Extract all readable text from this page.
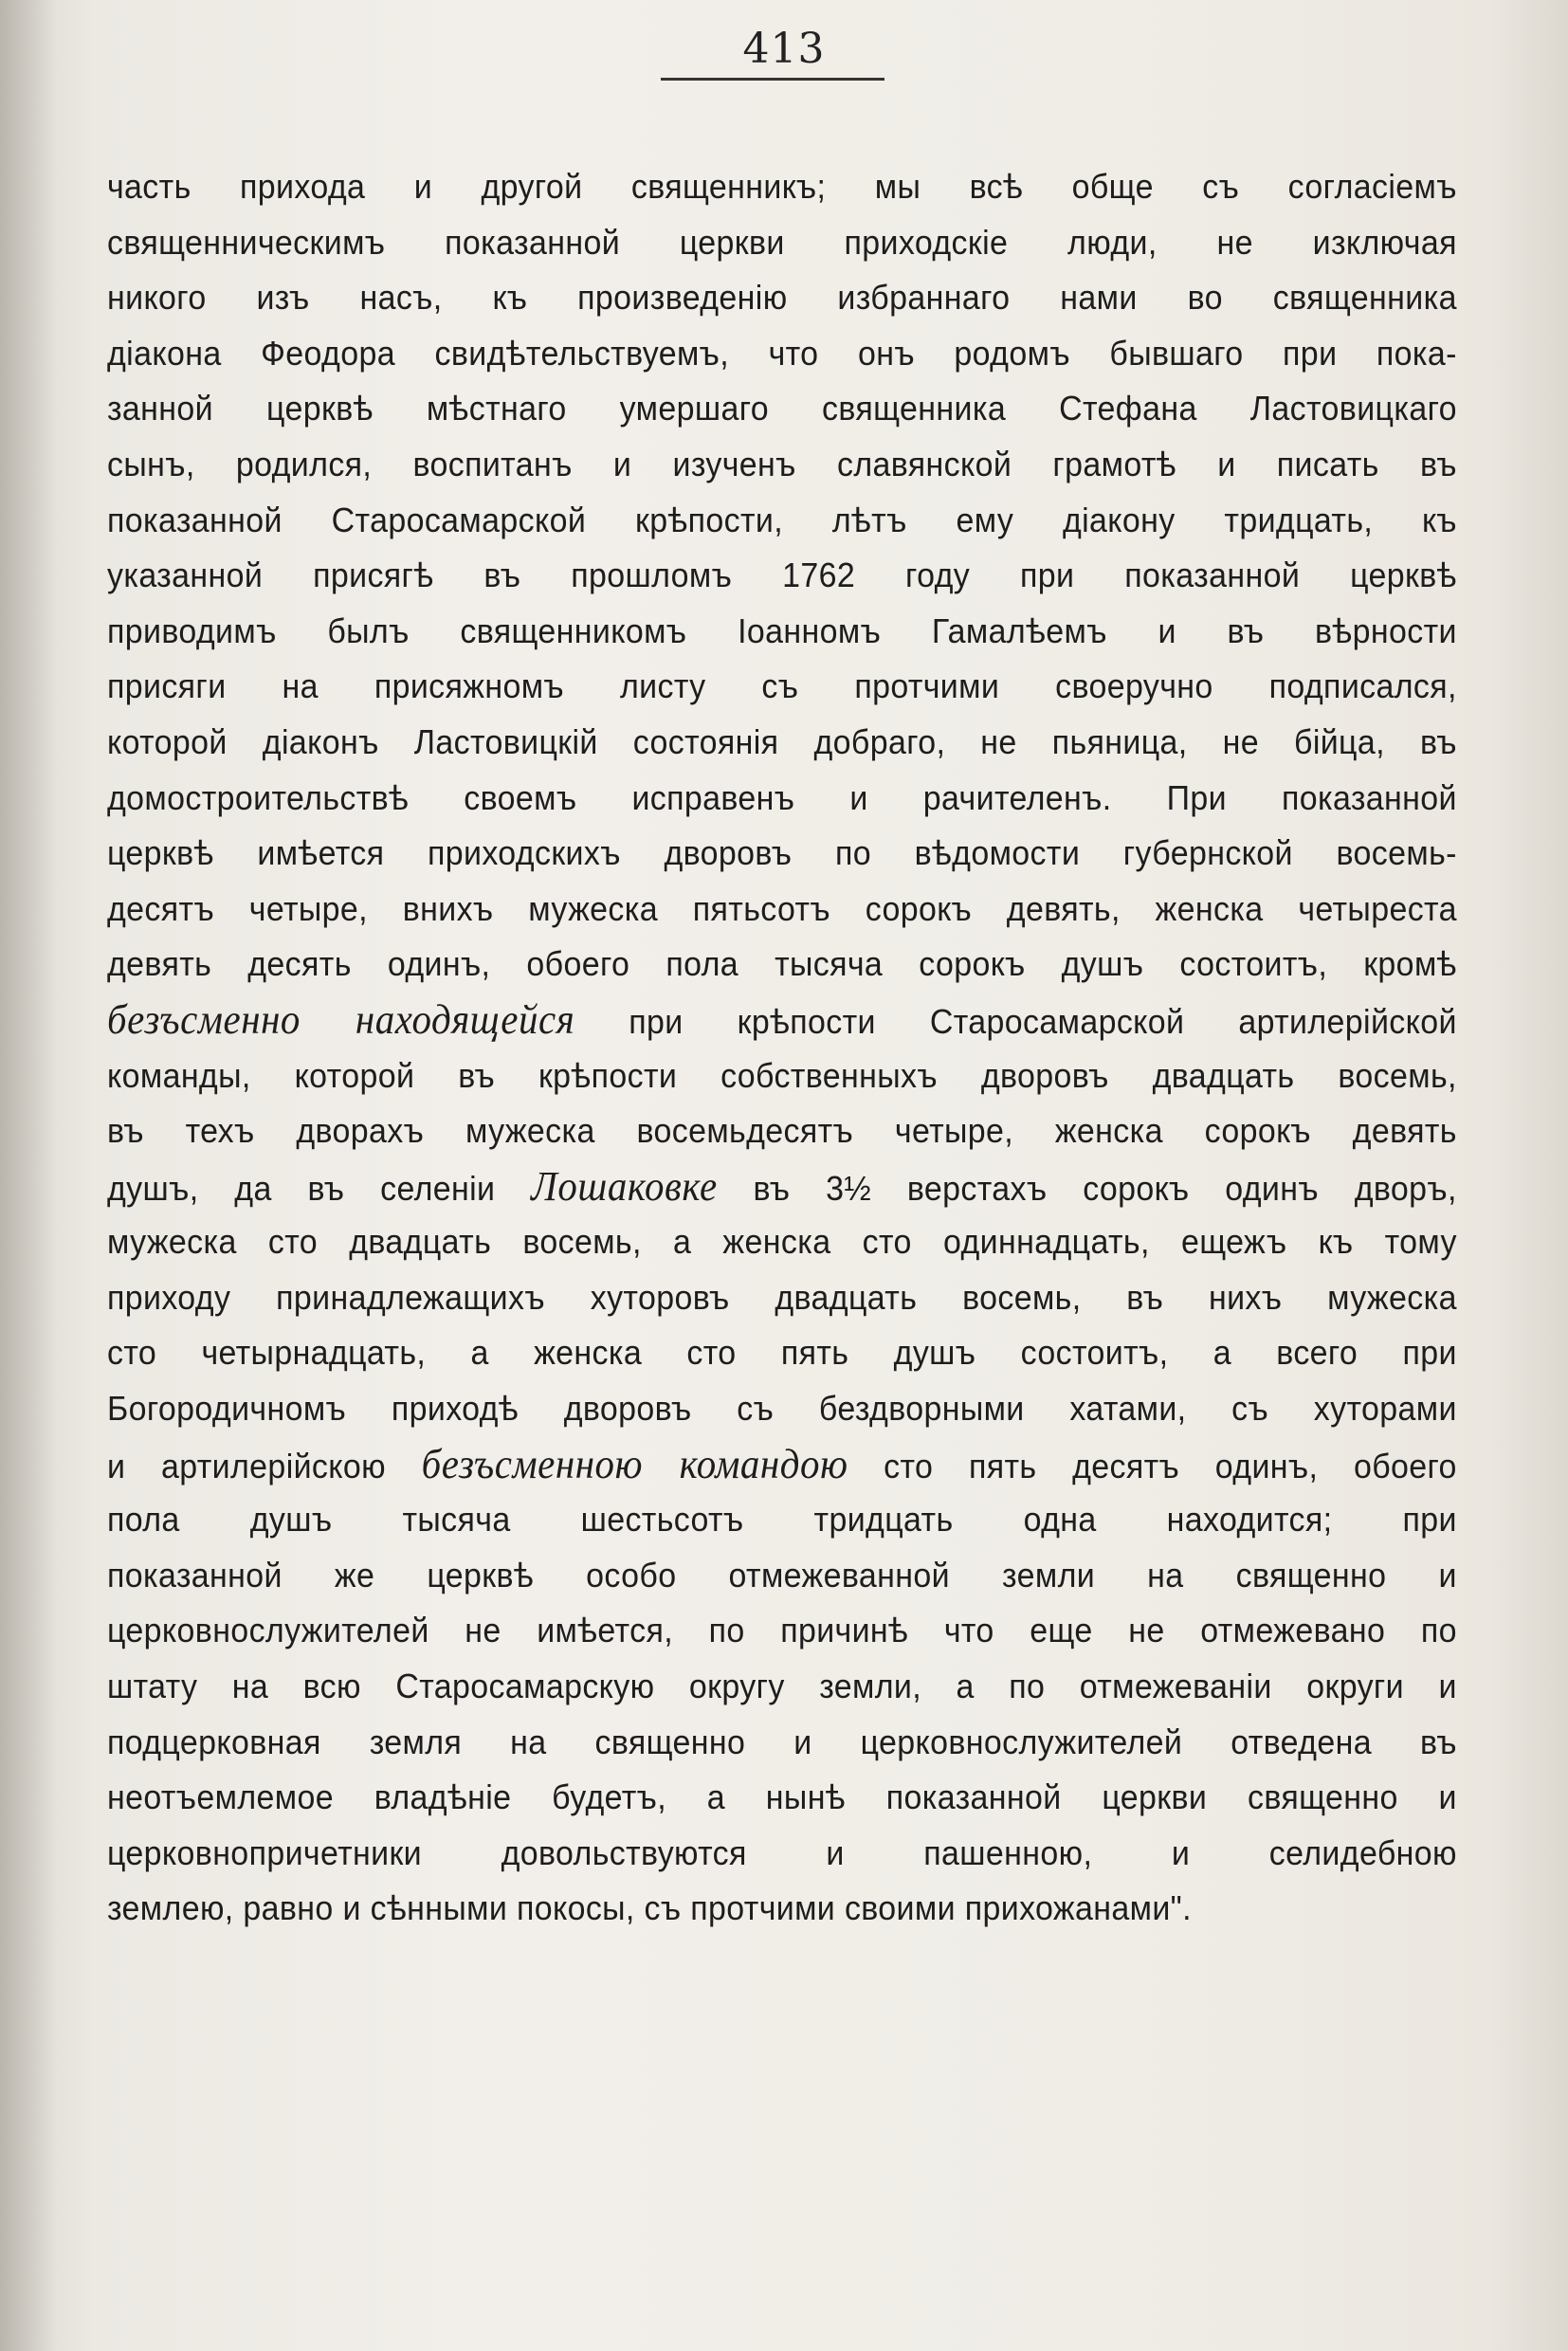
413
часть прихода и другой священникъ; мы всѣ обще съ согласіемъ
священническимъ показанной церкви приходскіе люди, не изключая
никого изъ насъ, къ произведенію избраннаго нами во священника
діакона Феодора свидѣтельствуемъ, что онъ родомъ бывшаго при пока-
занной церквѣ мѣстнаго умершаго священника Стефана Ластовицкаго
сынъ, родился, воспитанъ и изученъ славянской грамотѣ и писать въ
показанной Старосамарской крѣпости, лѣтъ ему діакону тридцать, къ
указанной присягѣ въ прошломъ 1762 году при показанной церквѣ
приводимъ былъ священникомъ Іоанномъ Гамалѣемъ и въ вѣрности
присяги на присяжномъ листу съ протчими своеручно подписался,
которой діаконъ Ластовицкій состоянія добраго, не пьяница, не бійца, въ
домостроительствѣ своемъ исправенъ и рачителенъ. При показанной
церквѣ имѣется приходскихъ дворовъ по вѣдомости губернской восемь-
десятъ четыре, вниxъ мужеска пятьсотъ сорокъ девять, женска четыреста
девять десять одинъ, обоего пола тысяча сорокъ душъ состоитъ, кромѣ
безъсменно находящейся при крѣпости Старосамарской артилерійской
команды, которой въ крѣпости собственныхъ дворовъ двадцать восемь,
въ техъ дворахъ мужеска восемьдесятъ четыре, женска сорокъ девять
душъ, да въ селеніи Лошаковке въ 3½ верстахъ сорокъ одинъ дворъ,
мужеска сто двадцать восемь, а женска сто одиннадцать, ещежъ къ тому
приходу принадлежащихъ хуторовъ двадцать восемь, въ нихъ мужеска
сто четырнадцать, а женска сто пять душъ состоитъ, а всего при
Богородичномъ приходѣ дворовъ съ бездворными хатами, съ хуторами
и артилерійскою безъсменною командою сто пять десятъ одинъ, обоего
пола душъ тысяча шестьсотъ тридцать одна находится; при
показанной же церквѣ особо отмежеванной земли на священно и
церковнослужителей не имѣется, по причинѣ что еще не отмежевано по
штату на всю Старосамарскую округу земли, а по отмежеваніи округи и
подцерковная земля на священно и церковнослужителей отведена въ
неотъемлемое владѣніе будетъ, а нынѣ показанной церкви священно и
церковнопричетники довольствуются и пашенною, и селидебною
землею, равно и сѣнными покосы, съ протчими своими прихожанами".
